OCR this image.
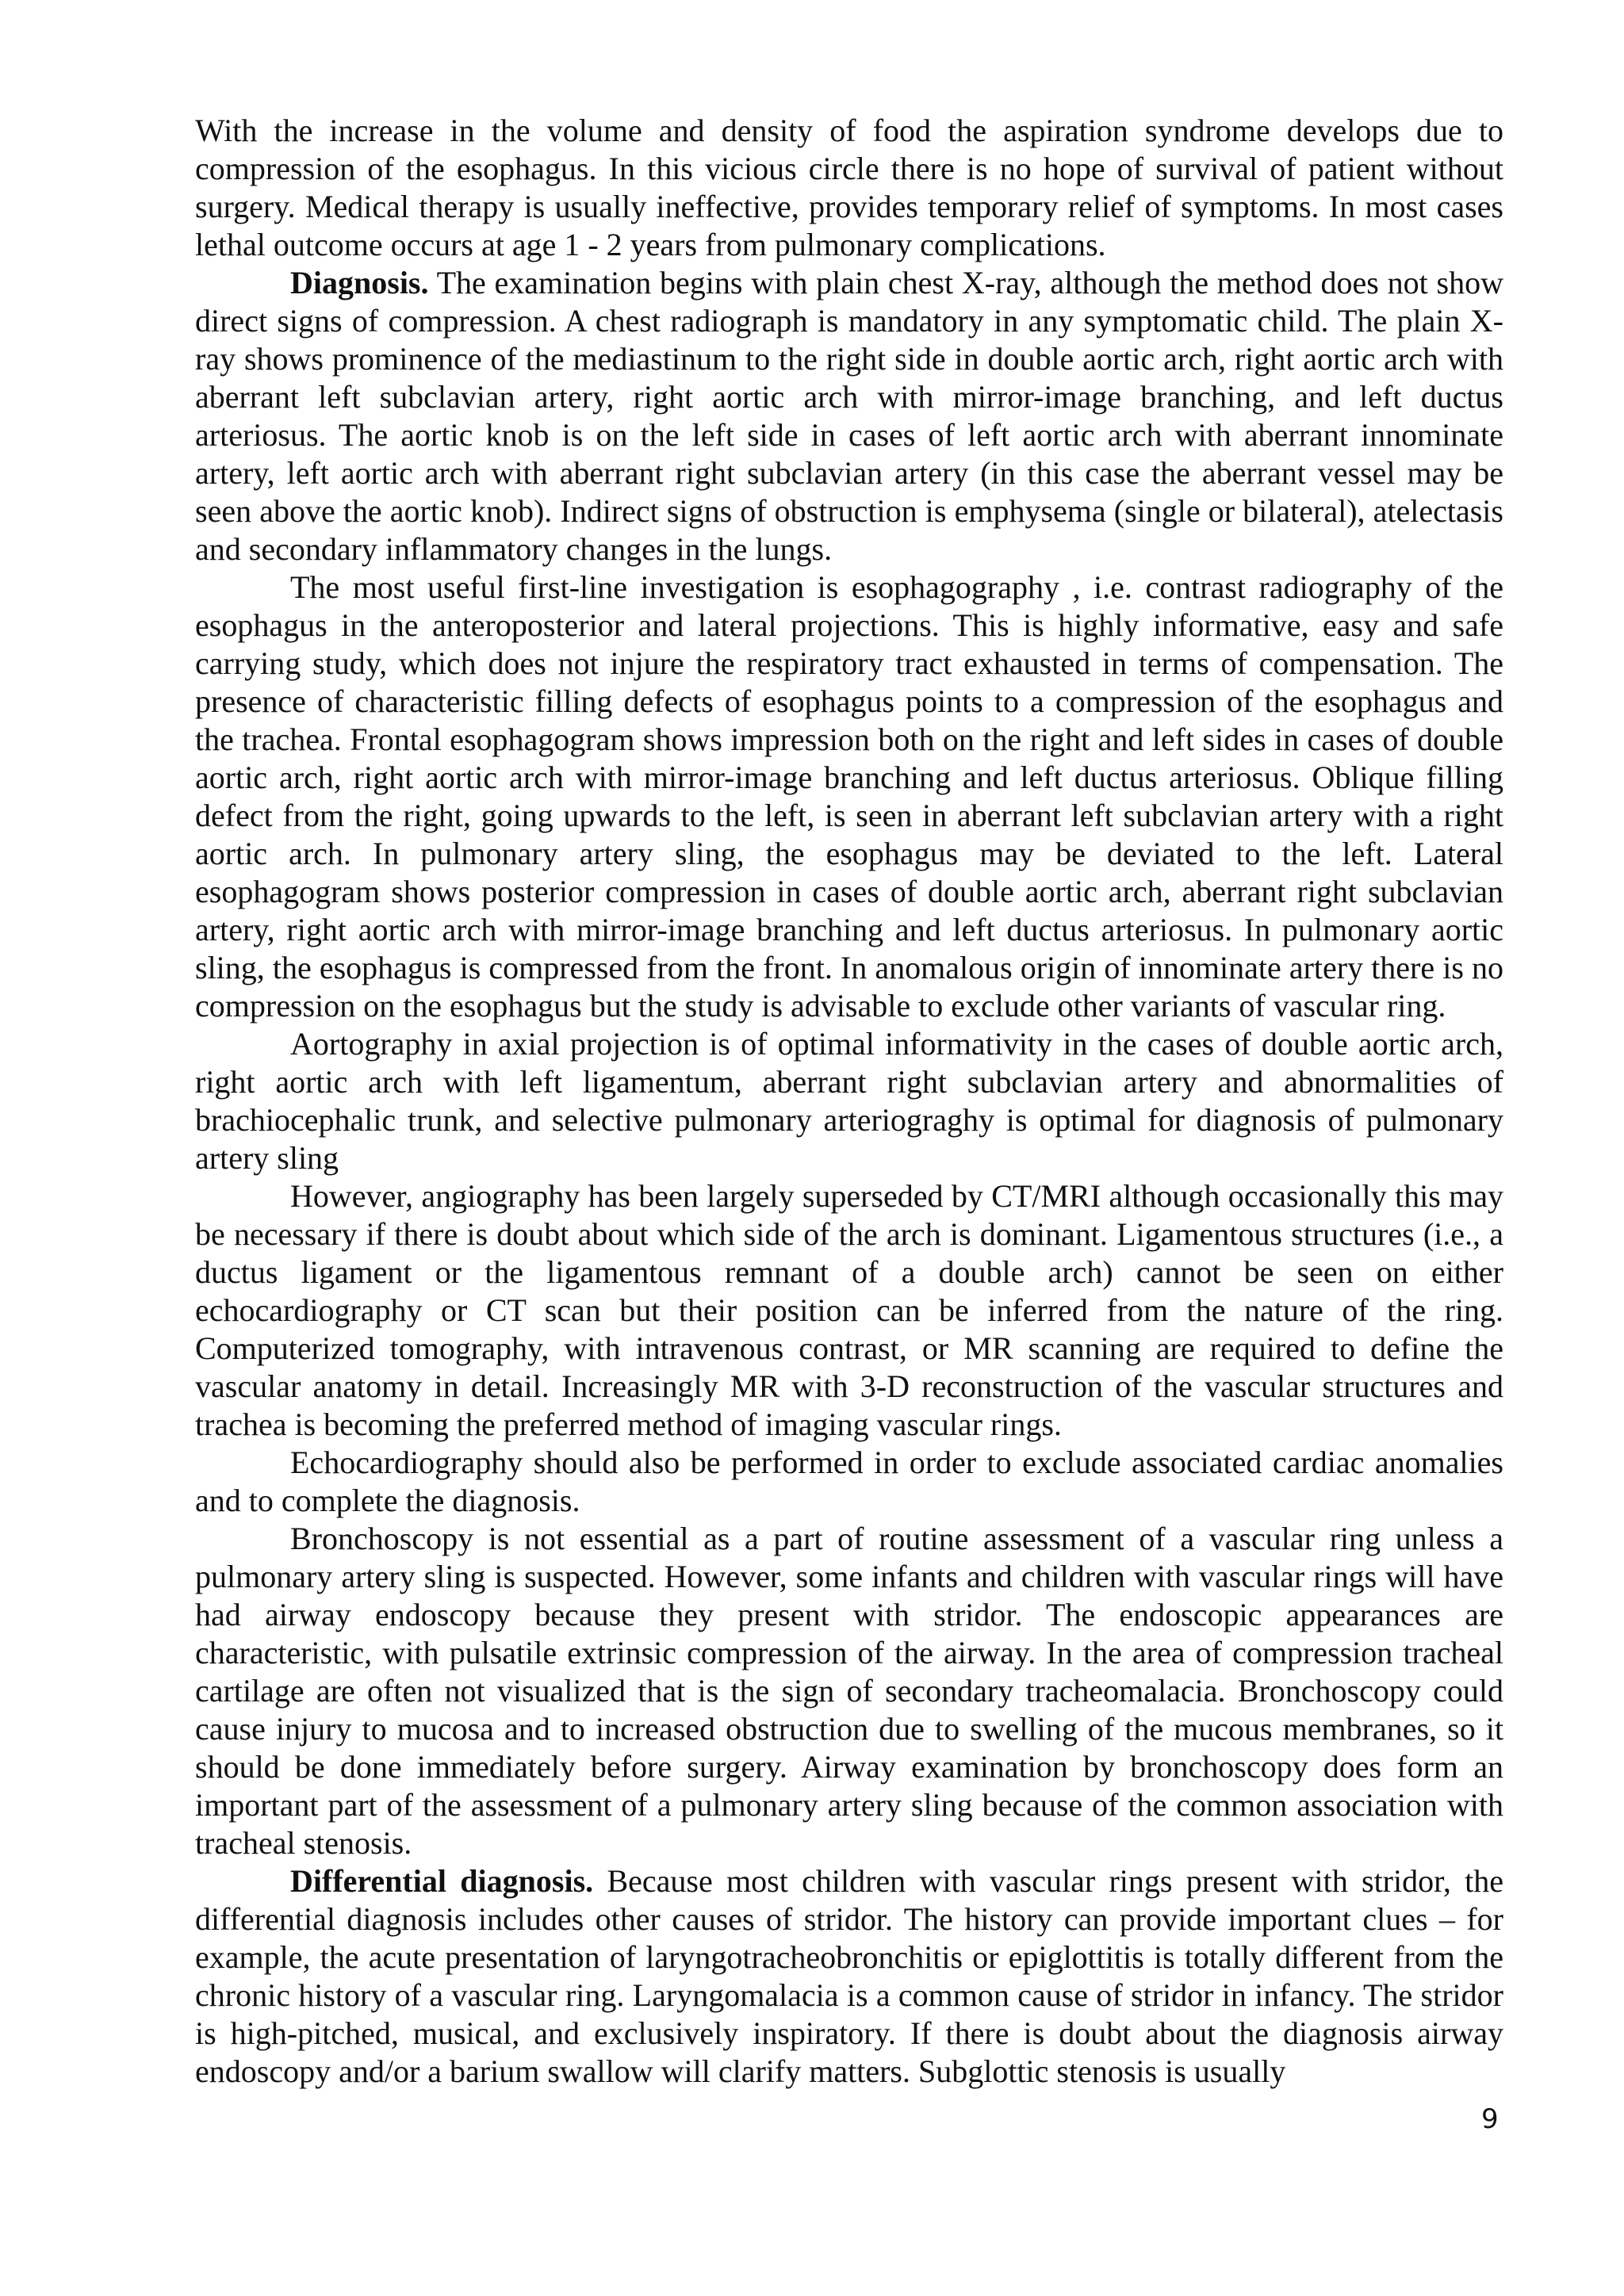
With the increase in the volume and density of food the aspiration syndrome develops due to compression of the esophagus. In this vicious circle there is no hope of survival of patient without surgery. Medical therapy is usually ineffective, provides temporary relief of symptoms. In most cases lethal outcome occurs at age 1 - 2 years from pulmonary complications.

Diagnosis. The examination begins with plain chest X-ray, although the method does not show direct signs of compression. A chest radiograph is mandatory in any symptomatic child. The plain X-ray shows prominence of the mediastinum to the right side in double aortic arch, right aortic arch with aberrant left subclavian artery, right aortic arch with mirror-image branching, and left ductus arteriosus. The aortic knob is on the left side in cases of left aortic arch with aberrant innominate artery, left aortic arch with aberrant right subclavian artery (in this case the aberrant vessel may be seen above the aortic knob). Indirect signs of obstruction is emphysema (single or bilateral), atelectasis and secondary inflammatory changes in the lungs.

The most useful first-line investigation is esophagography , i.e. contrast radiography of the esophagus in the anteroposterior and lateral projections. This is highly informative, easy and safe carrying study, which does not injure the respiratory tract exhausted in terms of compensation. The presence of characteristic filling defects of esophagus points to a compression of the esophagus and the trachea. Frontal esophagogram shows impression both on the right and left sides in cases of double aortic arch, right aortic arch with mirror-image branching and left ductus arteriosus. Oblique filling defect from the right, going upwards to the left, is seen in aberrant left subclavian artery with a right aortic arch. In pulmonary artery sling, the esophagus may be deviated to the left. Lateral esophagogram shows posterior compression in cases of double aortic arch, aberrant right subclavian artery, right aortic arch with mirror-image branching and left ductus arteriosus. In pulmonary aortic sling, the esophagus is compressed from the front. In anomalous origin of innominate artery there is no compression on the esophagus but the study is advisable to exclude other variants of vascular ring.

Aortography in axial projection is of optimal informativity in the cases of double aortic arch, right aortic arch with left ligamentum, aberrant right subclavian artery and abnormalities of brachiocephalic trunk, and selective pulmonary arteriograghy is optimal for diagnosis of pulmonary artery sling

However, angiography has been largely superseded by CT/MRI although occasionally this may be necessary if there is doubt about which side of the arch is dominant. Ligamentous structures (i.e., a ductus ligament or the ligamentous remnant of a double arch) cannot be seen on either echocardiography or CT scan but their position can be inferred from the nature of the ring. Computerized tomography, with intravenous contrast, or MR scanning are required to define the vascular anatomy in detail. Increasingly MR with 3-D reconstruction of the vascular structures and trachea is becoming the preferred method of imaging vascular rings.

Echocardiography should also be performed in order to exclude associated cardiac anomalies and to complete the diagnosis.

Bronchoscopy is not essential as a part of routine assessment of a vascular ring unless a pulmonary artery sling is suspected. However, some infants and children with vascular rings will have had airway endoscopy because they present with stridor. The endoscopic appearances are characteristic, with pulsatile extrinsic compression of the airway. In the area of compression tracheal cartilage are often not visualized that is the sign of secondary tracheomalacia. Bronchoscopy could cause injury to mucosa and to increased obstruction due to swelling of the mucous membranes, so it should be done immediately before surgery. Airway examination by bronchoscopy does form an important part of the assessment of a pulmonary artery sling because of the common association with tracheal stenosis.

Differential diagnosis. Because most children with vascular rings present with stridor, the differential diagnosis includes other causes of stridor. The history can provide important clues – for example, the acute presentation of laryngotracheobronchitis or epiglottitis is totally different from the chronic history of a vascular ring. Laryngomalacia is a common cause of stridor in infancy. The stridor is high-pitched, musical, and exclusively inspiratory. If there is doubt about the diagnosis airway endoscopy and/or a barium swallow will clarify matters. Subglottic stenosis is usually

9
